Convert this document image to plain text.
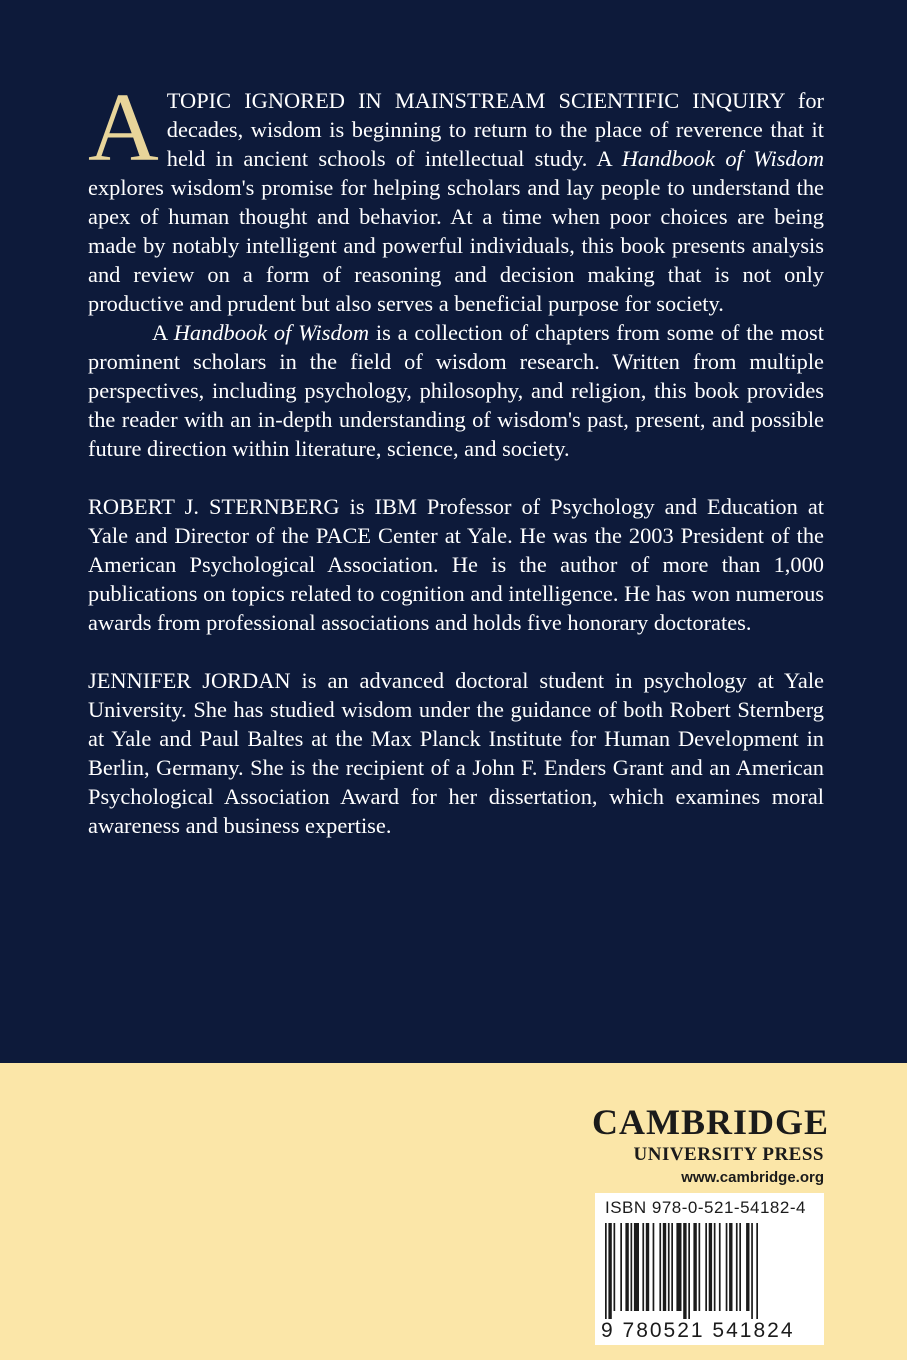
ATOPIC IGNORED IN MAINSTREAM SCIENTIFIC INQUIRY for decades, wisdom is beginning to return to the place of reverence that it held in ancient schools of intellectual study. A Handbook of Wisdom explores wisdom's promise for helping scholars and lay people to understand the apex of human thought and behavior. At a time when poor choices are being made by notably intelligent and powerful individuals, this book presents analysis and review on a form of reasoning and decision making that is not only productive and prudent but also serves a beneficial purpose for society.

A Handbook of Wisdom is a collection of chapters from some of the most prominent scholars in the field of wisdom research. Written from multiple perspectives, including psychology, philosophy, and religion, this book provides the reader with an in-depth understanding of wisdom's past, present, and possible future direction within literature, science, and society.

ROBERT J. STERNBERG is IBM Professor of Psychology and Education at Yale and Director of the PACE Center at Yale. He was the 2003 President of the American Psychological Association. He is the author of more than 1,000 publications on topics related to cognition and intelligence. He has won numerous awards from professional associations and holds five honorary doctorates.

JENNIFER JORDAN is an advanced doctoral student in psychology at Yale University. She has studied wisdom under the guidance of both Robert Sternberg at Yale and Paul Baltes at the Max Planck Institute for Human Development in Berlin, Germany. She is the recipient of a John F. Enders Grant and an American Psychological Association Award for her dissertation, which examines moral awareness and business expertise.

CAMBRIDGE
UNIVERSITY PRESS
www.cambridge.org
ISBN 978-0-521-54182-4
9 780521 541824
